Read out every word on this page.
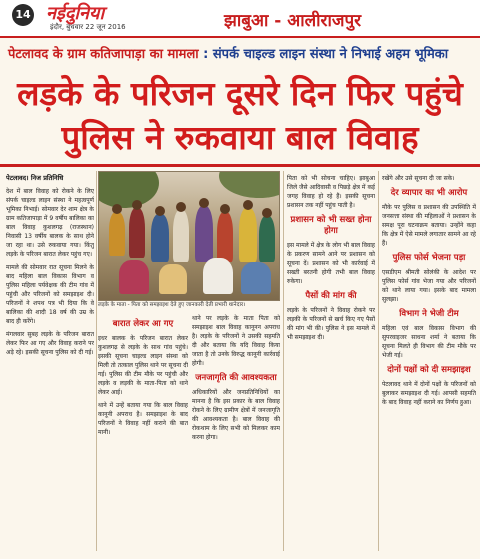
14 नईदुनिया
इंदौर, बुधवार 22 जून 2016	झाबुआ - आलीराजपुर
पेटलावद के ग्राम कतिजापाड़ा का मामला : संपर्क चाइल्ड लाइन संस्था ने निभाई अहम भूमिका
लड़के के परिजन दूसरे दिन फिर पहुंचे
पुलिस ने रुकवाया बाल विवाह
पेटलावद। निज प्रतिनिधि

देश में बाल विवाह को रोकने के लिए संपर्क चाइल्ड लाइन संस्था ने महत्वपूर्ण भूमिका निभाई। सोमवार देर शाम क्षेत्र के ग्राम कतिजापाड़ा में 9 वर्षीय बालिका का बाल विवाह कुशलगढ़ (राजस्थान) निवासी 13 वर्षीय बालक के साथ होने जा रहा था। उसे रुकवाया गया। किंतु लड़के के परिजन बारात लेकर पहुंच गए।

मामले की सोमवार रात सूचना मिलने के बाद महिला बाल विकास विभाग व पुलिस महिला पर्यवेक्षक की टीम गांव में पहुंची और परिजनों को समझाइश दी। परिजनों ने शपथ पत्र भी दिया कि वे बालिका की शादी 18 वर्ष की उम्र के बाद ही करेंगे।

मंगलवार सुबह लड़के के परिजन बारात लेकर फिर आ गए और विवाह कराने पर अड़े रहे। इसकी सूचना पुलिस को दी गई।

लड़के के माता - पिता को समझाइश देते हुए जानकारी देती प्रभारी थानेदार।
बारात लेकर आ गए

इधर बालक के परिजन बारात लेकर कुशलगढ़ से लड़के के साथ गांव पहुंचे। इसकी सूचना चाइल्ड लाइन संस्था को मिली तो तत्काल पुलिस थाने पर सूचना दी गई। पुलिस की टीम मौके पर पहुंची और लड़के व लड़की के माता-पिता को थाने लेकर आई।

थाने में उन्हें बताया गया कि बाल विवाह कानूनी अपराध है। समझाइश के बाद परिजनों ने विवाह नहीं कराने की बात मानी।

थाने पर लड़के के माता पिता को समझाइश बाल विवाह कानूनन अपराध है। लड़के के परिजनों ने उसकी सहमति दी और बताया कि यदि विवाह किया जाता है तो उनके विरुद्ध कानूनी कार्रवाई होगी।

जनजागृति की आवश्यकता

अधिकारियों और जनप्रतिनिधियों का मानना है कि इस प्रकार के बाल विवाह रोकने के लिए ग्रामीण क्षेत्रों में जनजागृति की आवश्यकता है। बाल विवाह की रोकथाम के लिए सभी को मिलकर काम करना होगा।

पिता को भी सोचना चाहिए। झाबुआ जिले जैसे आदिवासी व पिछड़े क्षेत्र में कई जगह विवाह हो रहे हैं। इसकी सूचना प्रशासन तक नहीं पहुंच पाती है।

प्रशासन को भी सख्त होना होगा

इस मामले में क्षेत्र के लोग भी बाल विवाह के प्रकरण सामने आने पर प्रशासन को सूचना दें। प्रशासन को भी कार्रवाई में सख्ती बरतनी होगी तभी बाल विवाह रुकेगा।

पैसों की मांग की

लड़के के परिजनों ने विवाह रोकने पर लड़की के परिजनों से खर्च किए गए पैसों की मांग भी की। पुलिस ने इस मामले में भी समझाइश दी।

रखेंगे और उसे सूचना दी जा सके।

देर व्यापार का भी आरोप

मौके पर पुलिस व प्रशासन की उपस्थिति में जनसत्ता संस्था की महिलाओं ने प्रशासन के समक्ष पूरा घटनाक्रम बताया। उन्होंने कहा कि क्षेत्र में ऐसे मामले लगातार सामने आ रहे हैं।

पुलिस फोर्स भेजना पड़ा

एसडीएम श्रीमती सोलंकी के आदेश पर पुलिस फोर्स गांव भेजा गया और परिजनों को थाने लाया गया। इसके बाद मामला सुलझा।

विभाग ने भेजी टीम

महिला एवं बाल विकास विभाग की सुपरवाइजर साधना शर्मा ने बताया कि सूचना मिलते ही विभाग की टीम मौके पर भेजी गई।

दोनों पक्षों को दी समझाइश

पेटलावद थाने में दोनों पक्षों के परिजनों को बुलाकर समझाइश दी गई। आपसी सहमति के बाद विवाह नहीं कराने का निर्णय हुआ।
